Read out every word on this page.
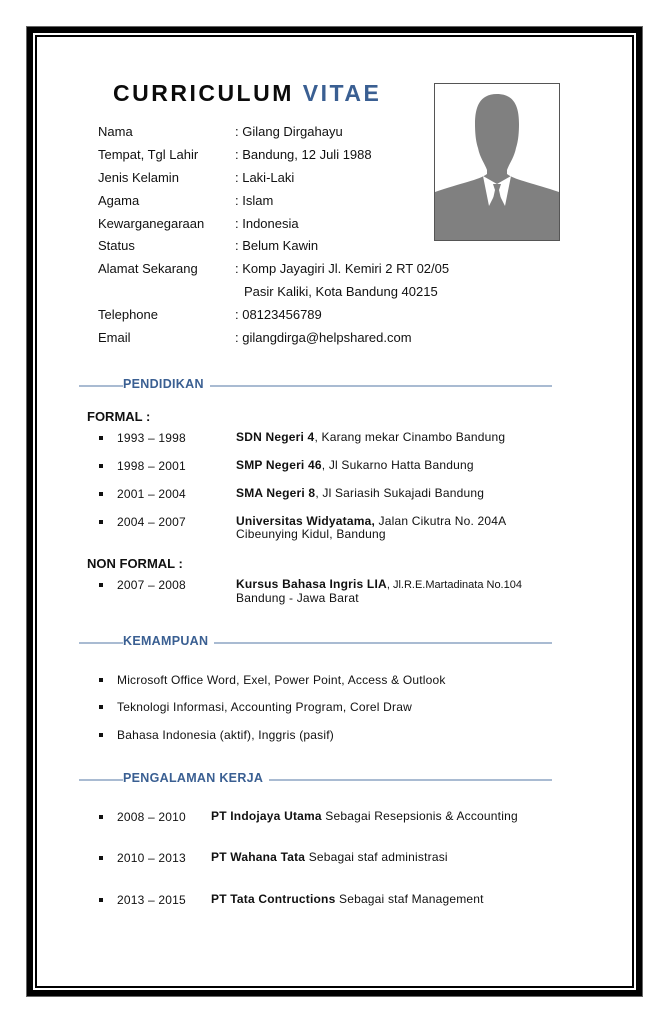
CURRICULUM VITAE
Nama	: Gilang Dirgahayu
Tempat, Tgl Lahir	: Bandung, 12 Juli 1988
Jenis Kelamin	: Laki-Laki
Agama	: Islam
Kewarganegaraan : Indonesia
Status	: Belum Kawin
Alamat Sekarang	: Komp Jayagiri Jl. Kemiri 2 RT 02/05
Pasir Kaliki, Kota Bandung 40215
Telephone	: 08123456789
Email	: gilangdirga@helpshared.com
PENDIDIKAN
FORMAL :
1993 – 1998	SDN Negeri 4, Karang mekar Cinambo Bandung
1998 – 2001	SMP Negeri 46, Jl Sukarno Hatta Bandung
2001 – 2004	SMA Negeri 8, Jl Sariasih Sukajadi Bandung
2004 – 2007	Universitas Widyatama, Jalan Cikutra No. 204A
Cibeunying Kidul, Bandung
NON FORMAL :
2007 – 2008	Kursus Bahasa Ingris LIA, Jl.R.E.Martadinata No.104
Bandung - Jawa Barat
KEMAMPUAN
Microsoft Office Word, Exel, Power Point, Access & Outlook
Teknologi Informasi, Accounting Program, Corel Draw
Bahasa Indonesia (aktif), Inggris (pasif)
PENGALAMAN KERJA
2008 – 2010 PT Indojaya Utama Sebagai Resepsionis & Accounting
2010 – 2013 PT Wahana Tata Sebagai staf administrasi
2013 – 2015 PT Tata Contructions Sebagai staf Management
